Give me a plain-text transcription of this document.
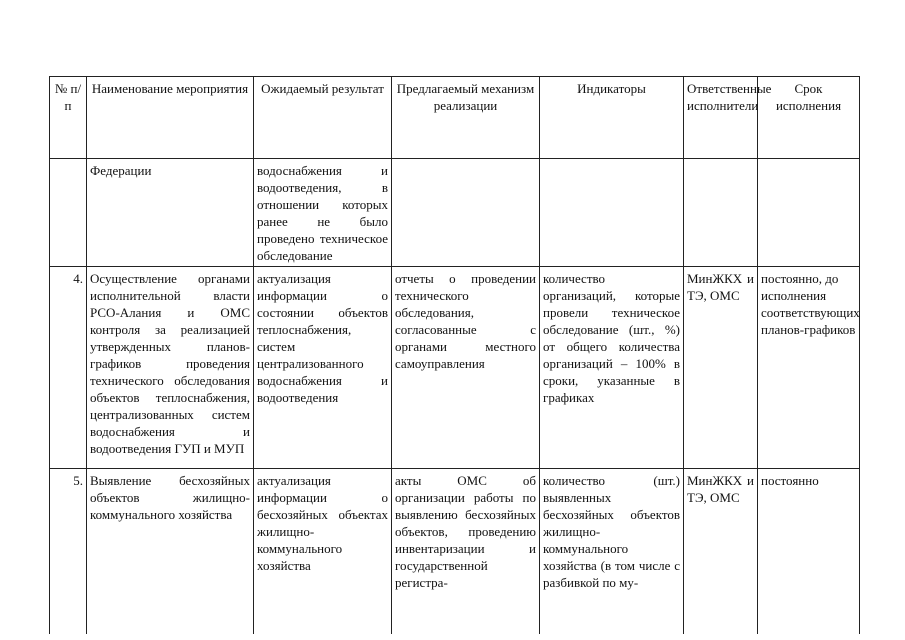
№ п/п	Наименование мероприятия	Ожидаемый результат	Предлагаемый механизм реализации	Индикаторы	Ответственные исполнители	Срок исполнения
	Федерации	водоснабжения и водоотведения, в отношении которых ранее не было проведено техническое обследование				
4.	Осуществление органами исполнительной власти РСО-Алания и ОМС контроля за реализацией утвержденных планов-графиков проведения технического обследования объектов теплоснабжения, централизованных систем водоснабжения и водоотведения ГУП и МУП	актуализация информации о состоянии объектов теплоснабжения, систем централизованного водоснабжения и водоотведения	отчеты о проведении технического обследования, согласованные с органами местного самоуправления	количество организаций, которые провели техническое обследование (шт., %) от общего количества организаций – 100% в сроки, указанные в графиках	МинЖКХ и ТЭ, ОМС	постоянно, до исполнения соответствующих планов-графиков
5.	Выявление бесхозяйных объектов жилищно-коммунального хозяйства	актуализация информации о бесхозяйных объектах жилищно-коммунального хозяйства	акты ОМС об организации работы по выявлению бесхозяйных объектов, проведению инвентаризации и государственной регистра-	количество (шт.) выявленных бесхозяйных объектов жилищно-коммунального хозяйства (в том числе с разбивкой по му-	МинЖКХ и ТЭ, ОМС	постоянно
